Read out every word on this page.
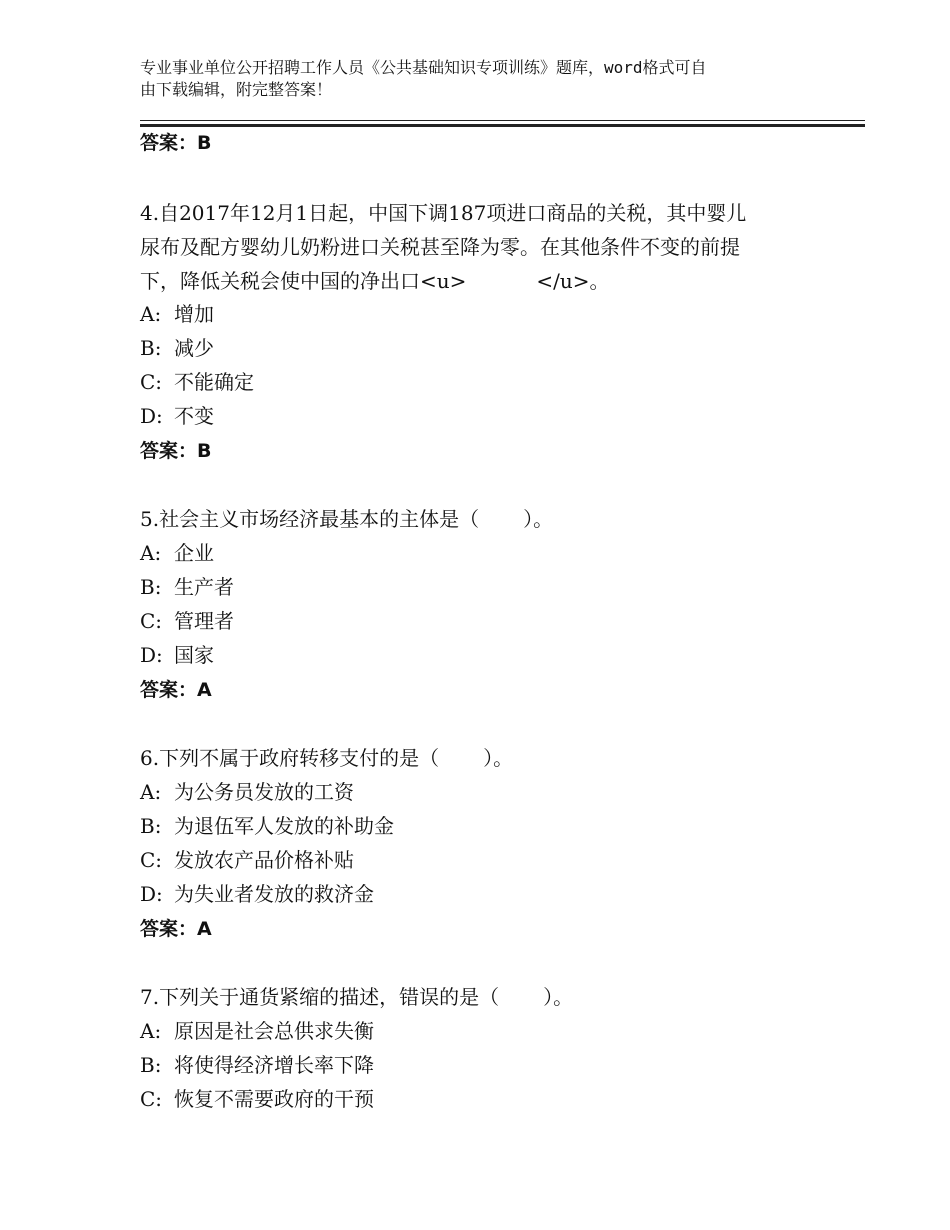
专业事业单位公开招聘工作人员《公共基础知识专项训练》题库，word格式可自
由下载编辑，附完整答案！
答案：B
4.自2017年12月1日起，中国下调187项进口商品的关税，其中婴儿
尿布及配方婴幼儿奶粉进口关税甚至降为零。在其他条件不变的前提
下，降低关税会使中国的净出口<u>	</u>。
A: 增加
B: 减少
C: 不能确定
D: 不变
答案：B
5.社会主义市场经济最基本的主体是（ ）。
A: 企业
B: 生产者
C: 管理者
D: 国家
答案：A
6.下列不属于政府转移支付的是（ ）。
A: 为公务员发放的工资
B: 为退伍军人发放的补助金
C: 发放农产品价格补贴
D: 为失业者发放的救济金
答案：A
7.下列关于通货紧缩的描述，错误的是（ ）。
A: 原因是社会总供求失衡
B: 将使得经济增长率下降
C: 恢复不需要政府的干预
